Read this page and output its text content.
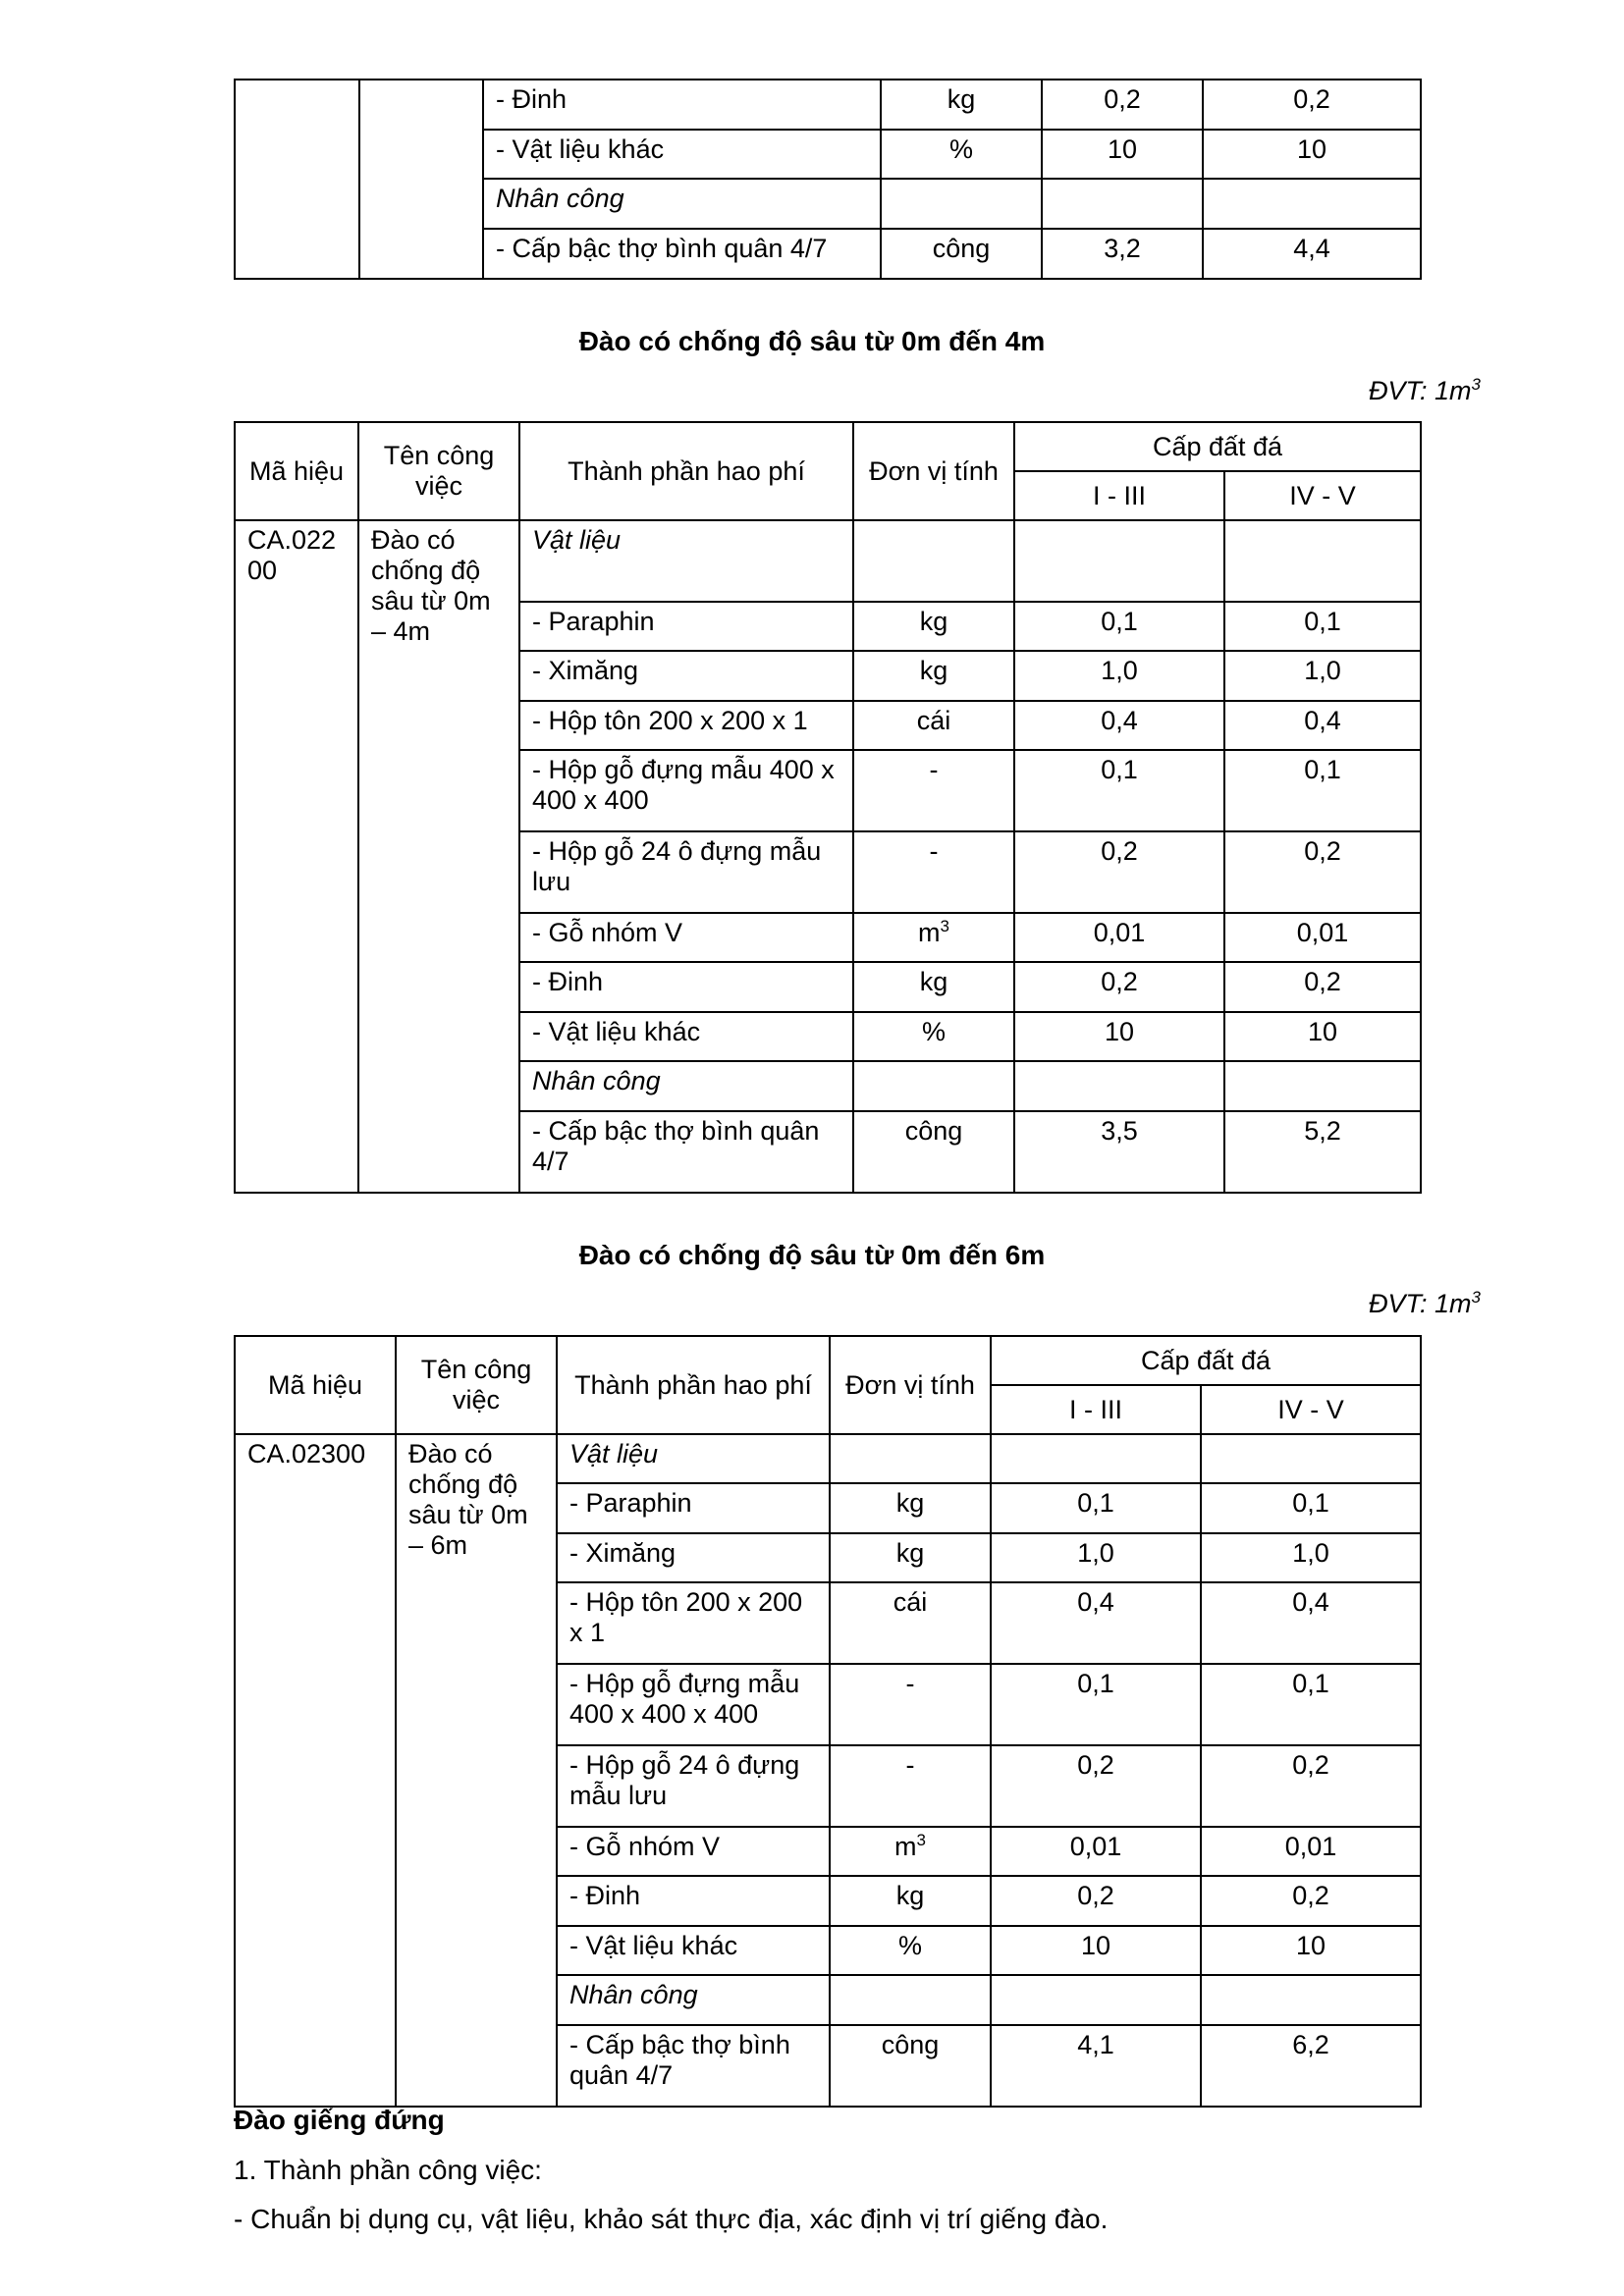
		- Đinh	kg	0,2	0,2
		- Vật liệu khác	%	10	10
		Nhân công			
		- Cấp bậc thợ bình quân 4/7	công	3,2	4,4
Đào có chống độ sâu từ 0m đến 4m
ĐVT: $1m^3$
Mã hiệu	Tên công việc	Thành phần hao phí	Đơn vị tính	Cấp đất đá	
				I - III	IV - V
CA.022 00	Đào có chống độ sâu từ 0m – 4m	Vật liệu			
		- Paraphin	kg	0,1	0,1
		- Ximăng	kg	1,0	1,0
		- Hộp tôn 200 x 200 x 1	cái	0,4	0,4
		- Hộp gỗ đựng mẫu 400 x 400 x 400	-	0,1	0,1
		- Hộp gỗ 24 ô đựng mẫu lưu	-	0,2	0,2
		- Gỗ nhóm V	$m^3$	0,01	0,01
		- Đinh	kg	0,2	0,2
		- Vật liệu khác	%	10	10
		Nhân công			
		- Cấp bậc thợ bình quân 4/7	công	3,5	5,2
Đào có chống độ sâu từ 0m đến 6m
ĐVT: $1m^3$
Mã hiệu	Tên công việc	Thành phần hao phí	Đơn vị tính	Cấp đất đá	
				I - III	IV - V
CA.02300	Đào có chống độ sâu từ 0m – 6m	Vật liệu			
		- Paraphin	kg	0,1	0,1
		- Ximăng	kg	1,0	1,0
		- Hộp tôn 200 x 200 x 1	cái	0,4	0,4
		- Hộp gỗ đựng mẫu 400 x 400 x 400	-	0,1	0,1
		- Hộp gỗ 24 ô đựng mẫu lưu	-	0,2	0,2
		- Gỗ nhóm V	$m^3$	0,01	0,01
		- Đinh	kg	0,2	0,2
		- Vật liệu khác	%	10	10
		Nhân công			
		- Cấp bậc thợ bình quân 4/7	công	4,1	6,2
Đào giếng đứng
1. Thành phần công việc:
- Chuẩn bị dụng cụ, vật liệu, khảo sát thực địa, xác định vị trí giếng đào.
